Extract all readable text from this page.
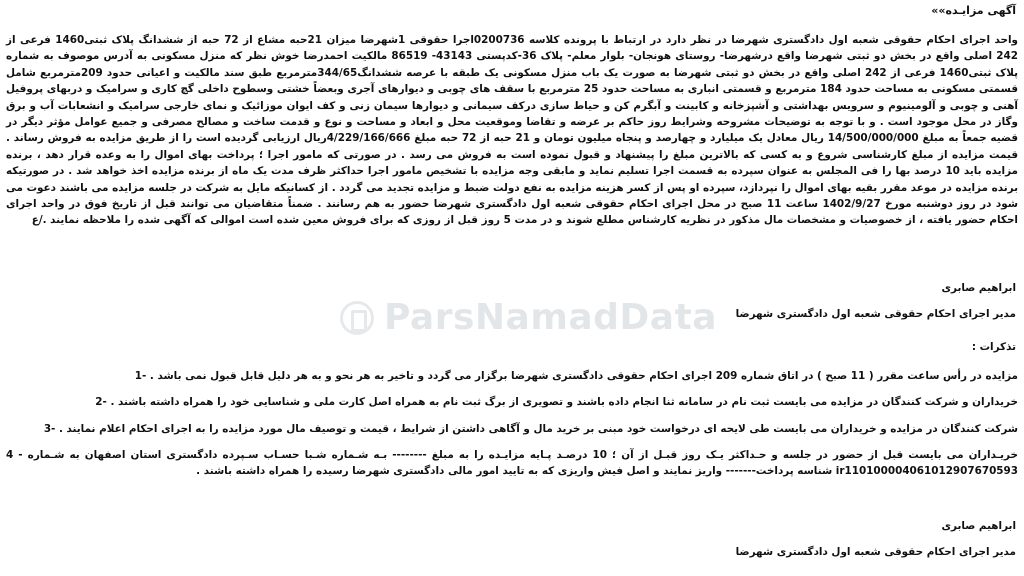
آگهی مزایـده»»
واحد اجرای احکام حقوقی شعبه اول دادگستری شهرضا در نظر دارد در ارتباط با پرونده کلاسه 0200736اجرا حقوقی 1شهرضا میزان 21حبه مشاع از 72 حبه از ششدانگ پلاک ثبتی1460 فرعی از 242 اصلی واقع در بخش دو ثبتی شهرضا واقع درشهرضا- روستای هونجان- بلوار معلم- پلاک 36-کدپستی 43143- 86519 مالکیت احمدرضا خوش نظر که منزل مسکونی به آدرس موصوف به شماره پلاک ثبتی1460 فرعی از 242 اصلی واقع در بخش دو ثبتی شهرضا به صورت یک باب منزل مسکونی یک طبقه با عرصه ششدانگ344/65مترمربع طبق سند مالکیت و اعیانی حدود 209مترمربع شامل قسمتی مسکونی به مساحت حدود 184 مترمربع و قسمتی انباری به مساحت حدود 25 مترمربع با سقف های چوبی و دیوارهای آجری وبعضاً خشتی وسطوح داخلی گچ کاری و سرامیک و دربهای پروفیل آهنی و چوبی و آلومینیوم و سرویس بهداشتی و آشپزخانه و کابینت و آبگرم کن و حیاط سازی درکف سیمانی و دیوارها سیمان زنی و کف ایوان موزائیک و نمای خارجی سرامیک و انشعابات آب و برق وگاز در محل موجود است . و با توجه به توضیحات مشروحه وشرایط روز حاکم بر عرضه و تقاضا وموقعیت محل و ابعاد و مساحت و نوع و قدمت ساخت و مصالح مصرفی و جمیع عوامل مؤثر دیگر در قضیه جمعاً به مبلغ 14/500/000/000 ریال معادل یک میلیارد و چهارصد و پنجاه میلیون تومان و 21 حبه از 72 حبه مبلغ 4/229/166/666ریال ارزیابی گردیده است را از طریق مزایده به فروش رساند . قیمت مزایده از مبلغ کارشناسی شروع و به کسی که بالاترین مبلغ را پیشنهاد و قبول نموده است به فروش می رسد . در صورتی که مامور اجرا ؛ پرداخت بهای اموال را به وعده قرار دهد ، برنده مزایده باید 10 درصد بها را فی المجلس به عنوان سپرده به قسمت اجرا تسلیم نماید و مابقی وجه مزایده با تشخیص مامور اجرا حداکثر ظرف مدت یک ماه از برنده مزایده اخذ خواهد شد . در صورتیکه برنده مزایده در موعد مقرر بقیه بهای اموال را نپردازد، سپرده او پس از کسر هزینه مزایده به نفع دولت ضبط و مزایده تجدید می گردد . از کسانیکه مایل به شرکت در جلسه مزایده می باشند دعوت می شود در روز دوشنبه مورخ 1402/9/27 ساعت 11 صبح در محل اجرای احکام حقوقی شعبه اول دادگستری شهرضا حضور به هم رسانند . ضمناً متقاضیان می توانند قبل از تاریخ فوق در واحد اجرای احکام حضور یافته ، از خصوصیات و مشخصات مال مذکور در نظریه کارشناس مطلع شوند و در مدت 5 روز قبل از روزی که برای فروش معین شده است اموالی که آگهی شده را ملاحظه نمایند ./ع
ParsNamadData
ابراهیم صابری
مدیر اجرای احکام حقوقی شعبه اول دادگستری شهرضا
تذکرات :
مزایده در رأس ساعت مقرر ( 11 صبح ) در اتاق شماره 209 اجرای احکام حقوقی دادگستری شهرضا برگزار می گردد و تاخیر به هر نحو و به هر دلیل قابل قبول نمی باشد . -1
خریداران و شرکت کنندگان در مزایده می بایست ثبت نام در سامانه ثنا انجام داده باشند و تصویری از برگ ثبت نام به همراه اصل کارت ملی و شناسایی خود را همراه داشته باشند . -2
شرکت کنندگان در مزایده و خریداران می بایست طی لایحه ای درخواست خود مبنی بر خرید مال و آگاهی داشتن از شرایط ، قیمت و توصیف مال مورد مزایده را به اجرای احکام اعلام نمایند . -3
خریـداران می بایست قبل از حضور در جلسه و حـداکثر یـک روز قبـل از آن ؛ 10 درصـد پـایه مزایـده را به مبلغ -------- بـه شـماره شـبا حسـاب سـپرده دادگستری استان اصفهان به شـماره - 4 ir110100004061012907670593 شناسه پرداخت------- واریز نمایند و اصل فیش واریزی که به تایید امور مالی دادگستری شهرضا رسیده را همراه داشته باشند .
ابراهیم صابری
مدیر اجرای احکام حقوقی شعبه اول دادگستری شهرضا
